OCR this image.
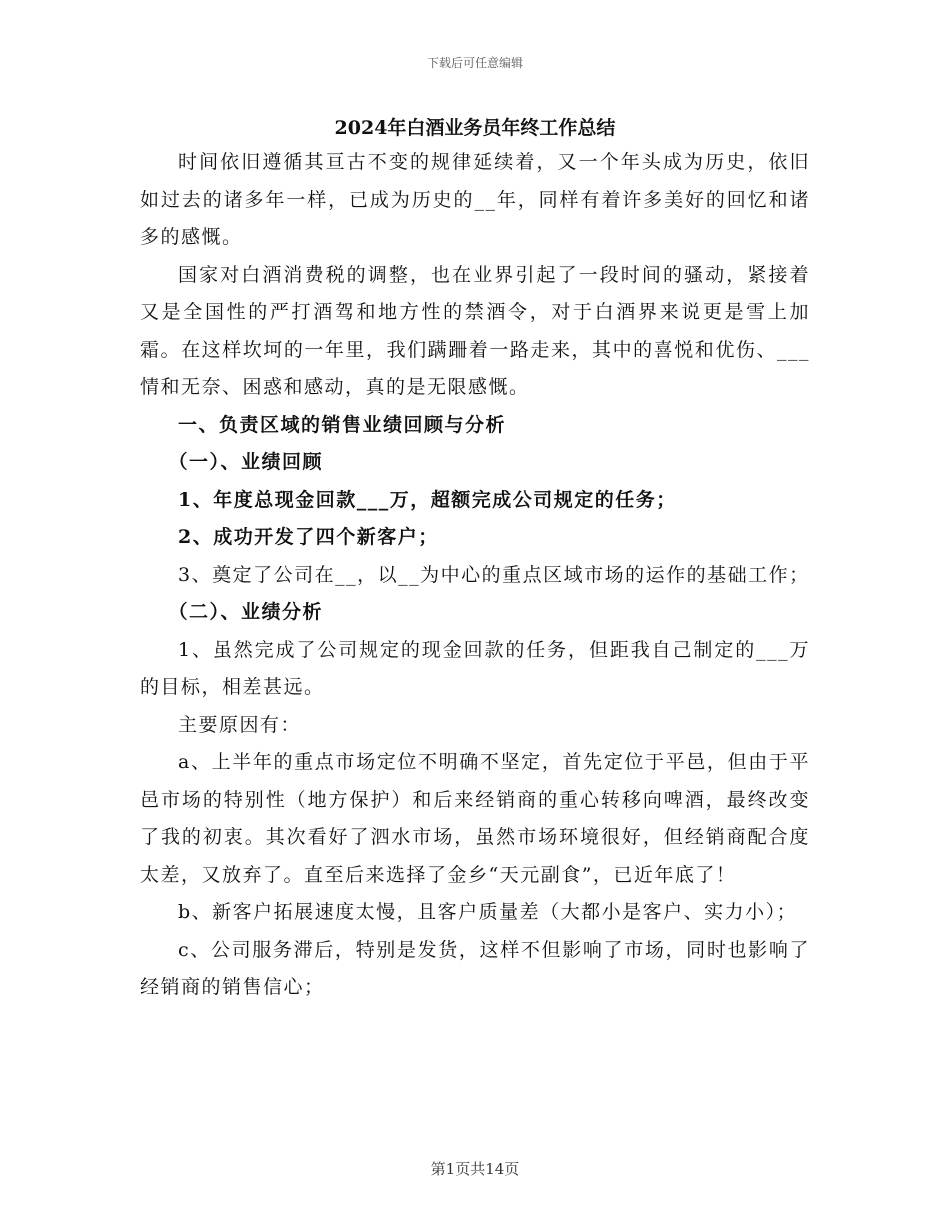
下载后可任意编辑
2024年白酒业务员年终工作总结

时间依旧遵循其亘古不变的规律延续着，又一个年头成为历史，依旧如过去的诸多年一样，已成为历史的__年，同样有着许多美好的回忆和诸多的感慨。

国家对白酒消费税的调整，也在业界引起了一段时间的骚动，紧接着又是全国性的严打酒驾和地方性的禁酒令，对于白酒界来说更是雪上加霜。在这样坎坷的一年里，我们蹒跚着一路走来，其中的喜悦和优伤、___情和无奈、困惑和感动，真的是无限感慨。

一、负责区域的销售业绩回顾与分析

（一）、业绩回顾

1、年度总现金回款___万，超额完成公司规定的任务；

2、成功开发了四个新客户；

3、奠定了公司在__，以__为中心的重点区域市场的运作的基础工作；

（二）、业绩分析

1、虽然完成了公司规定的现金回款的任务，但距我自己制定的___万的目标，相差甚远。

主要原因有：

a、上半年的重点市场定位不明确不坚定，首先定位于平邑，但由于平邑市场的特别性（地方保护）和后来经销商的重心转移向啤酒，最终改变了我的初衷。其次看好了泗水市场，虽然市场环境很好，但经销商配合度太差，又放弃了。直至后来选择了金乡“天元副食”，已近年底了！

b、新客户拓展速度太慢，且客户质量差（大都小是客户、实力小）；

c、公司服务滞后，特别是发货，这样不但影响了市场，同时也影响了经销商的销售信心；

第1页共14页
